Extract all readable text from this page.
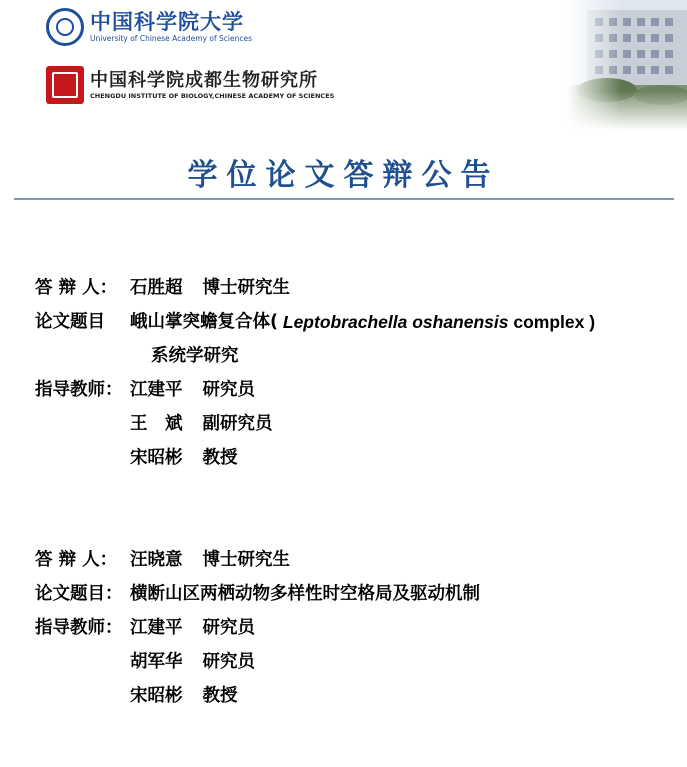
中国科学院大学
University of Chinese Academy of Sciences
中国科学院成都生物研究所
CHENGDU INSTITUTE OF BIOLOGY,CHINESE ACADEMY OF SCIENCES
学位论文答辩公告
答 辩 人： 石胜超 博士研究生
论文题目	峨山掌突蟾复合体( Leptobrachella oshanensis complex )
系统学研究
指导教师： 江建平 研究员
王　斌 副研究员
宋昭彬 教授
答 辩 人： 汪晓意 博士研究生
论文题目： 横断山区两栖动物多样性时空格局及驱动机制
指导教师： 江建平 研究员
胡军华 研究员
宋昭彬 教授
